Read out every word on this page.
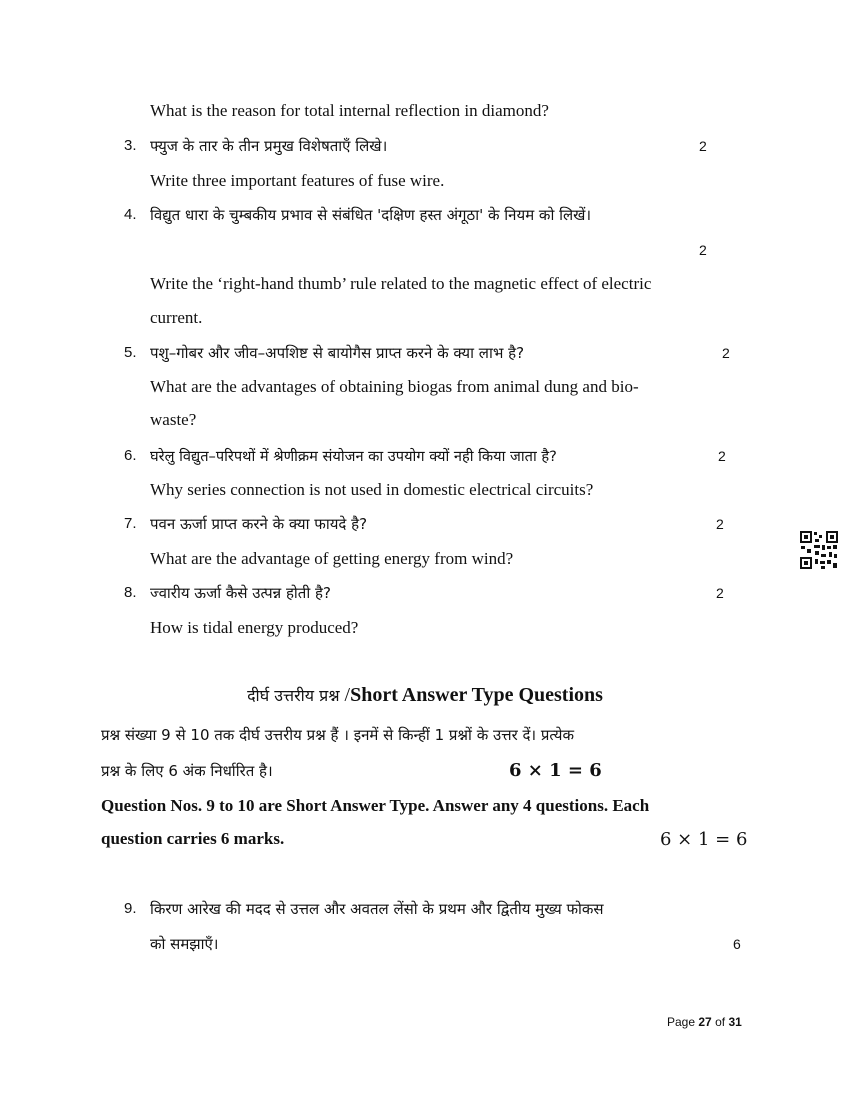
What is the reason for total internal reflection in diamond?
3. फ्युज के तार के तीन प्रमुख विशेषताएँ लिखे।	2
Write three important features of fuse wire.
4. विद्युत धारा के चुम्बकीय प्रभाव से संबंधित 'दक्षिण हस्त अंगूठा' के नियम को लिखें।
2
Write the ‘right-hand thumb’ rule related to the magnetic effect of electric
current.
5. पशु–गोबर और जीव–अपशिष्ट से बायोगैस प्राप्त करने के क्या लाभ है?	2
What are the advantages of obtaining biogas from animal dung and bio-
waste?
6. घरेलु विद्युत–परिपथों में श्रेणीक्रम संयोजन का उपयोग क्यों नही किया जाता है?	2
Why series connection is not used in domestic electrical circuits?
7. पवन ऊर्जा प्राप्त करने के क्या फायदे है?	2
What are the advantage of getting energy from wind?
8. ज्वारीय ऊर्जा कैसे उत्पन्न होती है?	2
How is tidal energy produced?
दीर्घ उत्तरीय प्रश्न /Short Answer Type Questions
प्रश्न संख्या 9 से 10 तक दीर्घ उत्तरीय प्रश्न हैं । इनमें से किन्हीं 1 प्रश्नों के उत्तर दें। प्रत्येक
प्रश्न के लिए 6 अंक निर्धारित है।	6 × 1 = 6
Question Nos. 9 to 10 are Short Answer Type. Answer any 4 questions. Each
question carries 6 marks.	6 × 1 = 6
9. किरण आरेख की मदद से उत्तल और अवतल लेंसो के प्रथम और द्वितीय मुख्य फोकस
को समझाएँ।	6
Page 27 of 31
